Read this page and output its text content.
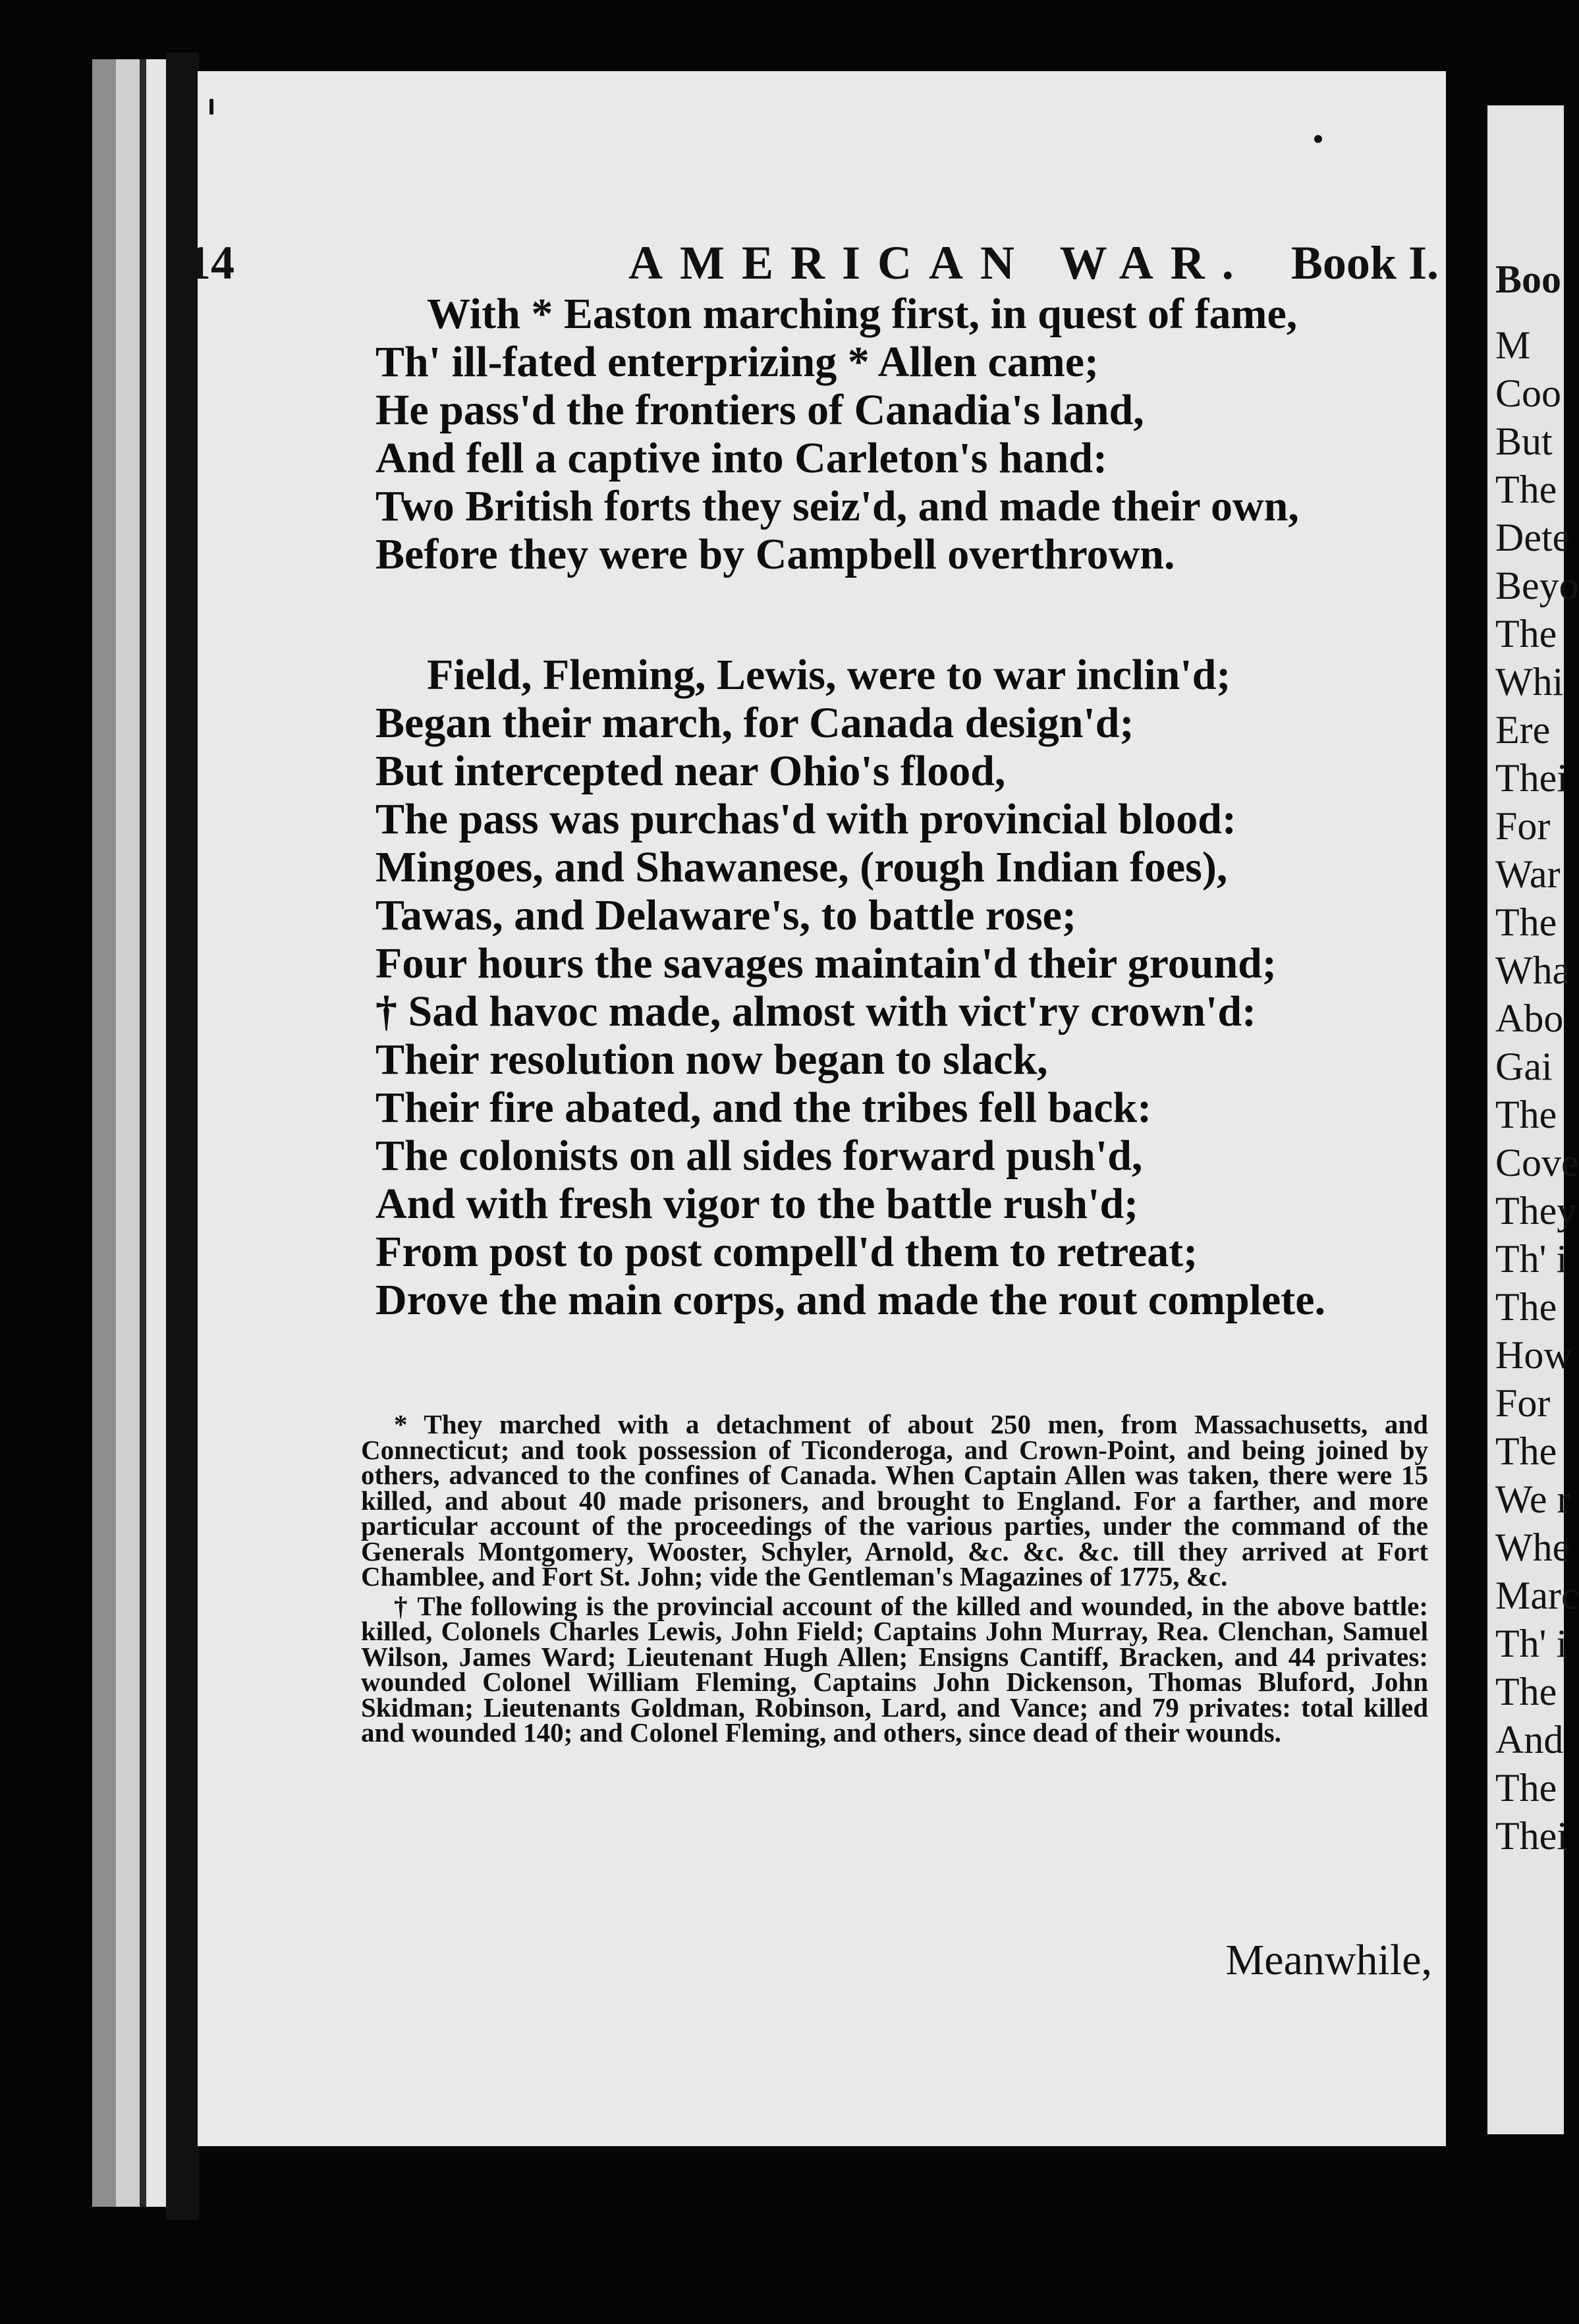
Boo
M
Coo
But
The
Dete
Beyo
The
Whi
Ere
Thei
For
War
The
Wha
Abo
Gai
The
Cove
They
Th' i
The
How
For
The
We r
Whe
Marc
Th' i
The
And
The
Thei
14	AMERICAN WAR. Book I.

With * Easton marching first, in quest of fame,

Th' ill-fated enterprizing * Allen came;

He pass'd the frontiers of Canadia's land,

And fell a captive into Carleton's hand:

Two British forts they seiz'd, and made their own,

Before they were by Campbell overthrown.

Field, Fleming, Lewis, were to war inclin'd;

Began their march, for Canada design'd;

But intercepted near Ohio's flood,

The pass was purchas'd with provincial blood:

Mingoes, and Shawanese, (rough Indian foes),

Tawas, and Delaware's, to battle rose;

Four hours the savages maintain'd their ground;

† Sad havoc made, almost with vict'ry crown'd:

Their resolution now began to slack,

Their fire abated, and the tribes fell back:

The colonists on all sides forward push'd,

And with fresh vigor to the battle rush'd;

From post to post compell'd them to retreat;

Drove the main corps, and made the rout complete.

* They marched with a detachment of about 250 men, from Massachusetts, and Connecticut; and took possession of Ticonderoga, and Crown-Point, and being joined by others, advanced to the confines of Canada. When Captain Allen was taken, there were 15 killed, and about 40 made prisoners, and brought to England. For a farther, and more particular account of the proceedings of the various parties, under the command of the Generals Montgomery, Wooster, Schyler, Arnold, &c. &c. &c. till they arrived at Fort Chamblee, and Fort St. John; vide the Gentleman's Magazines of 1775, &c.

† The following is the provincial account of the killed and wounded, in the above battle: killed, Colonels Charles Lewis, John Field; Captains John Murray, Rea. Clenchan, Samuel Wilson, James Ward; Lieutenant Hugh Allen; Ensigns Cantiff, Bracken, and 44 privates: wounded Colonel William Fleming, Captains John Dickenson, Thomas Bluford, John Skidman; Lieutenants Goldman, Robinson, Lard, and Vance; and 79 privates: total killed and wounded 140; and Colonel Fleming, and others, since dead of their wounds.

Meanwhile,
